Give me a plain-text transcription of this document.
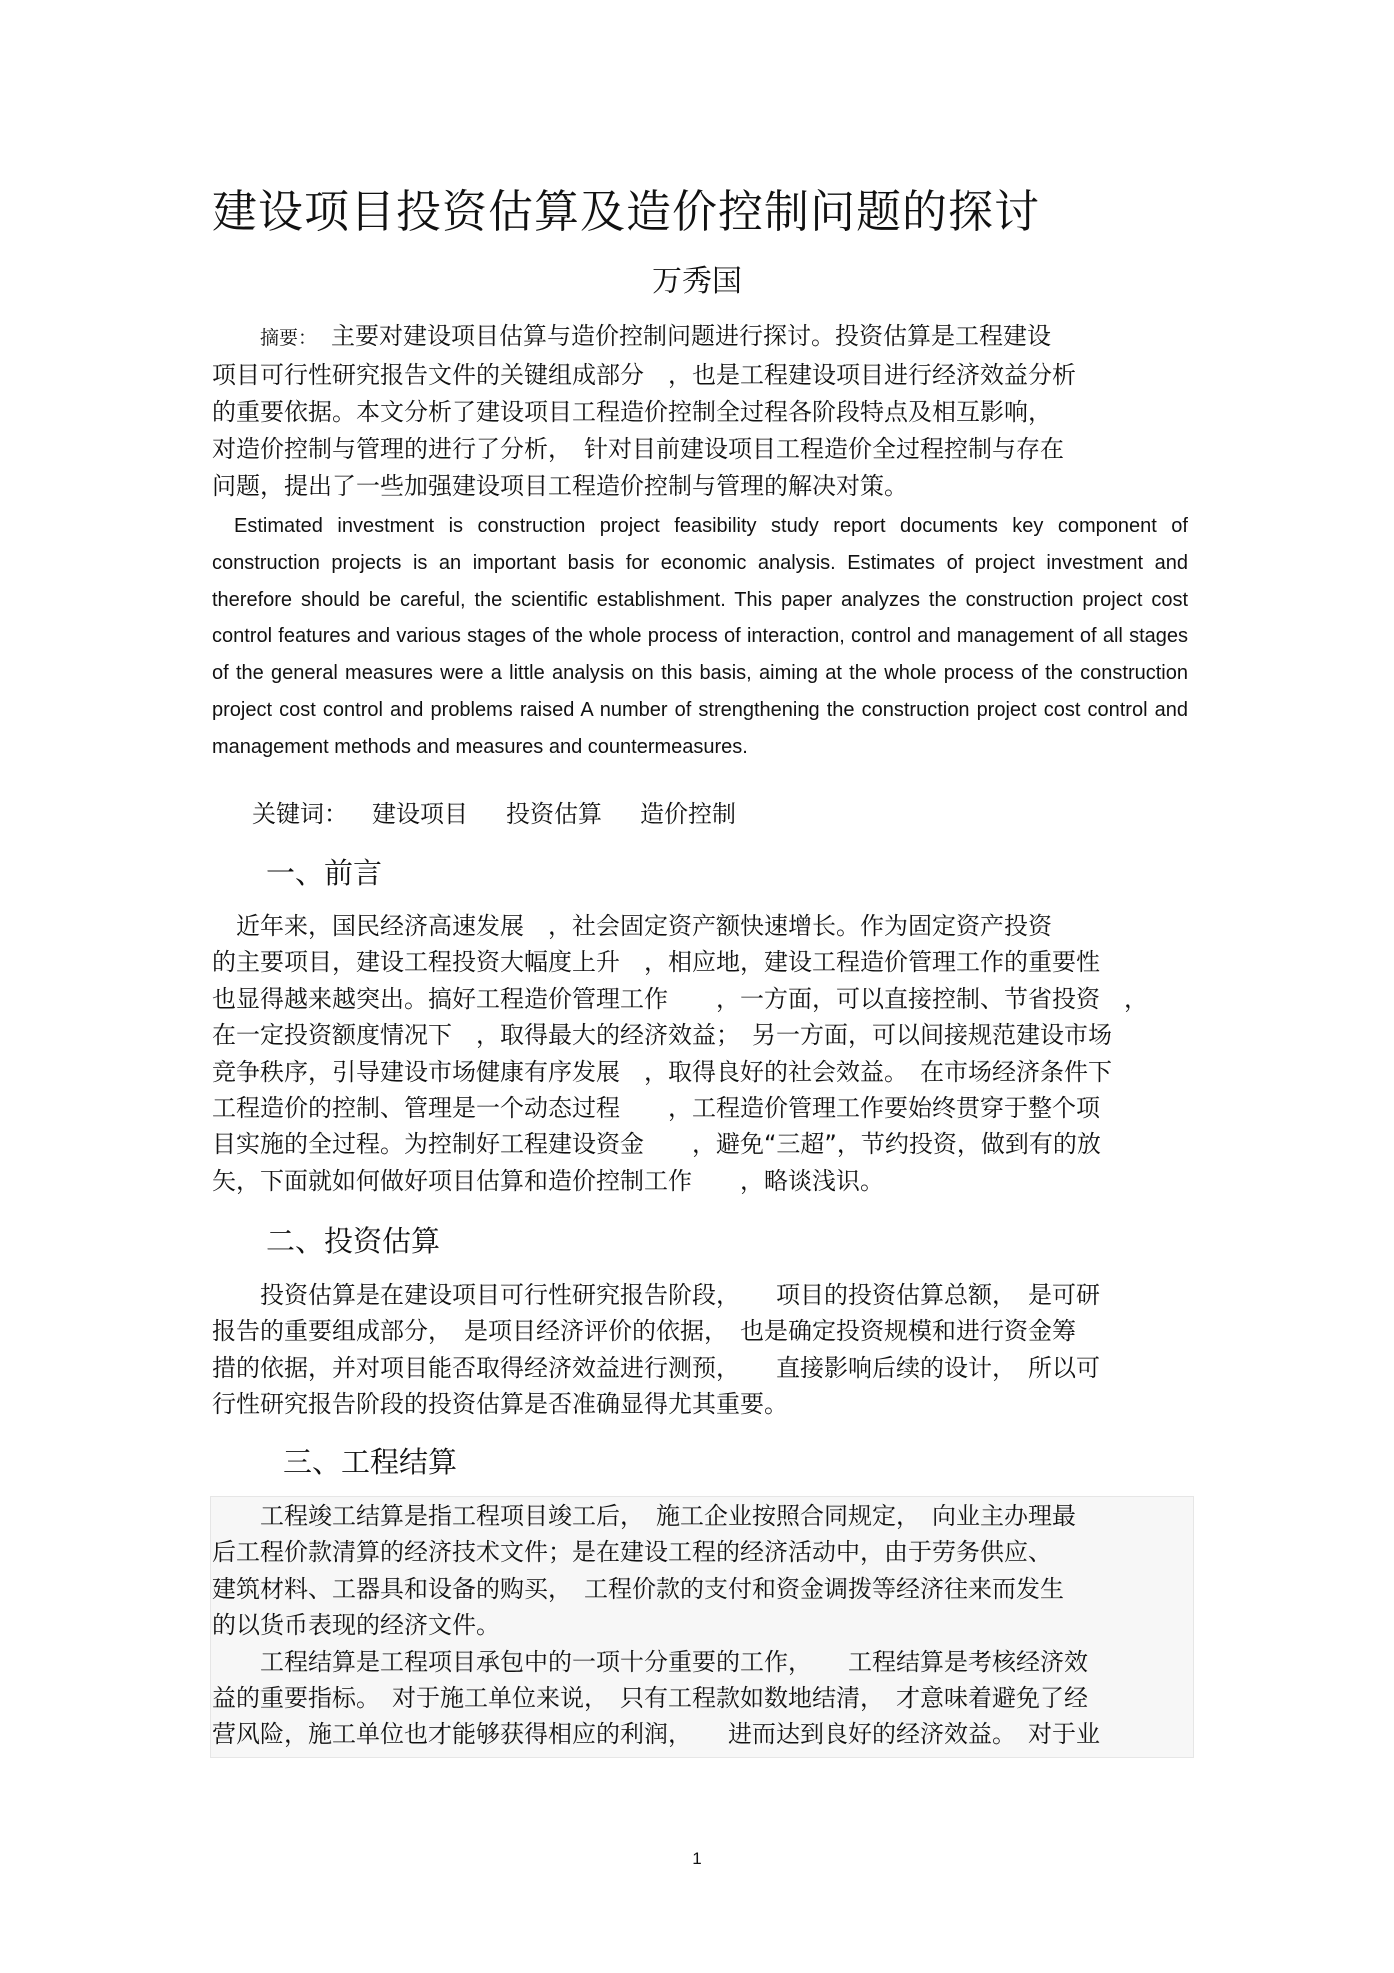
建设项目投资估算及造价控制问题的探讨
万秀国
摘要： 主要对建设项目估算与造价控制问题进行探讨。投资估算是工程建设
项目可行性研究报告文件的关键组成部分　，也是工程建设项目进行经济效益分析
的重要依据。本文分析了建设项目工程造价控制全过程各阶段特点及相互影响，
对造价控制与管理的进行了分析，　针对目前建设项目工程造价全过程控制与存在
问题，提出了一些加强建设项目工程造价控制与管理的解决对策。
Estimated investment is construction project feasibility study report documents key component of construction projects is an important basis for economic analysis. Estimates of project investment and therefore should be careful, the scientific establishment. This paper analyzes the construction project cost control features and various stages of the whole process of interaction, control and management of all stages of the general measures were a little analysis on this basis, aiming at the whole process of the construction project cost control and problems raised A number of strengthening the construction project cost control and management methods and measures and countermeasures.
关键词： 建设项目 投资估算 造价控制
一、前言
　近年来，国民经济高速发展　，社会固定资产额快速增长。作为固定资产投资
的主要项目，建设工程投资大幅度上升　，相应地，建设工程造价管理工作的重要性
也显得越来越突出。搞好工程造价管理工作　　，一方面，可以直接控制、节省投资　，
在一定投资额度情况下　，取得最大的经济效益；　另一方面，可以间接规范建设市场
竞争秩序，引导建设市场健康有序发展　，取得良好的社会效益。　在市场经济条件下
工程造价的控制、管理是一个动态过程　　，工程造价管理工作要始终贯穿于整个项
目实施的全过程。为控制好工程建设资金　　，避免“三超”，节约投资，做到有的放
矢，下面就如何做好项目估算和造价控制工作　　，略谈浅识。
二、投资估算
　　投资估算是在建设项目可行性研究报告阶段，　　项目的投资估算总额，　是可研
报告的重要组成部分，　是项目经济评价的依据，　也是确定投资规模和进行资金筹
措的依据，并对项目能否取得经济效益进行测预，　　直接影响后续的设计，　所以可
行性研究报告阶段的投资估算是否准确显得尤其重要。
三、工程结算
　　工程竣工结算是指工程项目竣工后，　施工企业按照合同规定，　向业主办理最
后工程价款清算的经济技术文件；是在建设工程的经济活动中，由于劳务供应、
建筑材料、工器具和设备的购买，　工程价款的支付和资金调拨等经济往来而发生
的以货币表现的经济文件。
　　工程结算是工程项目承包中的一项十分重要的工作，　　工程结算是考核经济效
益的重要指标。　对于施工单位来说，　只有工程款如数地结清，　才意味着避免了经
营风险，施工单位也才能够获得相应的利润，　　进而达到良好的经济效益。　对于业
1
